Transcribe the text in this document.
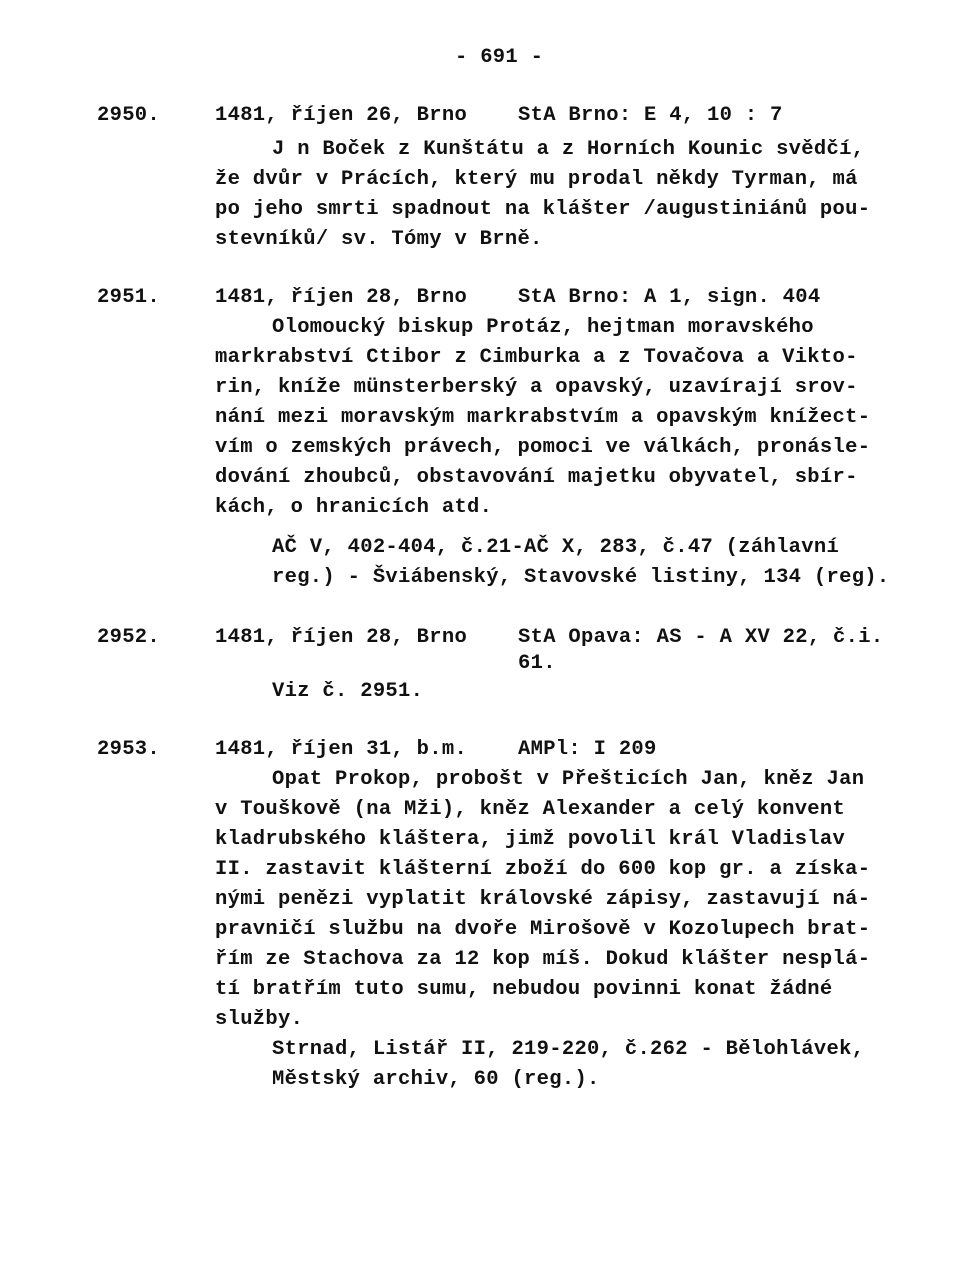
- 691 -
2950.	1481, říjen 26, Brno StA Brno: E 4, 10 : 7
J n Boček z Kunštátu a z Horních Kounic svědčí,
že dvůr v Prácích, který mu prodal někdy Tyrman, má
po jeho smrti spadnout na klášter /augustiniánů pou-
stevníků/ sv. Tómy v Brně.
2951.	1481, říjen 28, Brno StA Brno: A 1, sign. 404
Olomoucký biskup Protáz, hejtman moravského
markrabství Ctibor z Cimburka a z Tovačova a Vikto-
rin, kníže münsterberský a opavský, uzavírají srov-
nání mezi moravským markrabstvím a opavským knížect-
vím o zemských právech, pomoci ve válkách, pronásle-
dování zhoubců, obstavování majetku obyvatel, sbír-
kách, o hranicích atd.
AČ V, 402-404, č.21-AČ X, 283, č.47 (záhlavní
reg.) - Šviábenský, Stavovské listiny, 134 (reg).
2952.	1481, říjen 28, Brno StA Opava: AS - A XV 22, č.i.
61.
Viz č. 2951.
2953.	1481, říjen 31, b.m. AMPl: I 209
Opat Prokop, probošt v Přešticích Jan, kněz Jan
v Touškově (na Mži), kněz Alexander a celý konvent
kladrubského kláštera, jimž povolil král Vladislav
II. zastavit klášterní zboží do 600 kop gr. a získa-
nými penězi vyplatit královské zápisy, zastavují ná-
pravničí službu na dvoře Mirošově v Kozolupech brat-
řím ze Stachova za 12 kop míš. Dokud klášter nesplá-
tí bratřím tuto sumu, nebudou povinni konat žádné
služby.
Strnad, Listář II, 219-220, č.262 - Bělohlávek,
Městský archiv, 60 (reg.).
